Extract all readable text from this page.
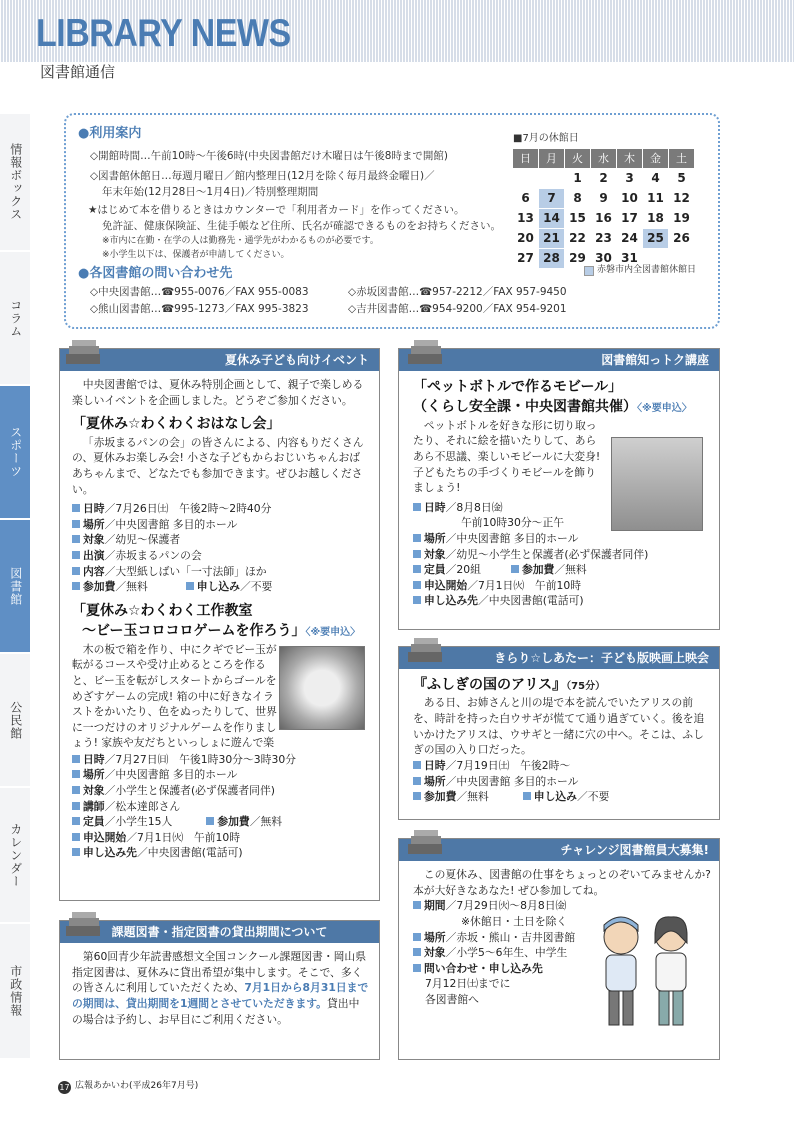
LIBRARY NEWS
図書館通信
情報ボックス
コラム
スポーツ
図書館
公民館
カレンダー
市政情報
●利用案内
◇開館時間…午前10時～午後6時(中央図書館だけ木曜日は午後8時まで開館)
◇図書館休館日…毎週月曜日／館内整理日(12月を除く毎月最終金曜日)／
年末年始(12月28日～1月4日)／特別整理期間
★はじめて本を借りるときはカウンターで「利用者カード」を作ってください。
免許証、健康保険証、生徒手帳など住所、氏名が確認できるものをお持ちください。
※市内に在勤・在学の人は勤務先・通学先がわかるものが必要です。
※小学生以下は、保護者が申請してください。
●各図書館の問い合わせ先
◇中央図書館…☎955-0076／FAX 955-0083	◇赤坂図書館…☎957-2212／FAX 957-9450
◇熊山図書館…☎995-1273／FAX 995-3823	◇吉井図書館…☎954-9200／FAX 954-9201
■7月の休館日
日	月	火	水	木	金	土
		1	2	3	4	5
6	7	8	9	10	11	12
13	14	15	16	17	18	19
20	21	22	23	24	25	26
27	28	29	30	31		
赤磐市内全図書館休館日
夏休み子ども向けイベント
中央図書館では、夏休み特別企画として、親子で楽しめる楽しいイベントを企画しました。どうぞご参加ください。
「夏休み☆わくわくおはなし会」
「赤坂まるパンの会」の皆さんによる、内容もりだくさんの、夏休みお楽しみ会! 小さな子どもからおじいちゃんおばあちゃんまで、どなたでも参加できます。ぜひお越しください。
日時／7月26日㈯　午後2時～2時40分
場所／中央図書館 多目的ホール
対象／幼児～保護者
出演／赤坂まるパンの会
内容／大型紙しばい「一寸法師」ほか
参加費／無料	申し込み／不要
「夏休み☆わくわく工作教室
～ビー玉コロコロゲームを作ろう」〈※要申込〉
木の板で箱を作り、中にクギでビー玉が転がるコースや受け止めるところを作ると、ビー玉を転がしスタートからゴールをめざすゲームの完成! 箱の中に好きなイラストをかいたり、色をぬったりして、世界に一つだけのオリジナルゲームを作りましょう! 家族や友だちといっしょに遊んで楽
日時／7月27日㈰　午後1時30分～3時30分
場所／中央図書館 多目的ホール
対象／小学生と保護者(必ず保護者同伴)
講師／松本達郎さん
定員／小学生15人	参加費／無料
申込開始／7月1日㈫　午前10時
申し込み先／中央図書館(電話可)
課題図書・指定図書の貸出期間について
第60回青少年読書感想文全国コンクール課題図書・岡山県指定図書は、夏休みに貸出希望が集中します。そこで、多くの皆さんに利用していただくため、7月1日から8月31日までの期間は、貸出期間を1週間とさせていただきます。貸出中の場合は予約し、お早目にご利用ください。
図書館知っトク講座
「ペットボトルで作るモビール」
（くらし安全課・中央図書館共催）〈※要申込〉
ペットボトルを好きな形に切り取ったり、それに絵を描いたりして、あらあら不思議、楽しいモビールに大変身! 子どもたちの手づくりモビールを飾りましょう!
日時／8月8日㈮
午前10時30分～正午
場所／中央図書館 多目的ホール
対象／幼児～小学生と保護者(必ず保護者同伴)
定員／20組	参加費／無料
申込開始／7月1日㈫　午前10時
申し込み先／中央図書館(電話可)
きらり☆しあたー：子ども版映画上映会
『ふしぎの国のアリス』（75分）
ある日、お姉さんと川の堤で本を読んでいたアリスの前を、時計を持った白ウサギが慌てて通り過ぎていく。後を追いかけたアリスは、ウサギと一緒に穴の中へ。そこは、ふしぎの国の入り口だった。
日時／7月19日㈯　午後2時～
場所／中央図書館 多目的ホール
参加費／無料	申し込み／不要
チャレンジ図書館員大募集!
この夏休み、図書館の仕事をちょっとのぞいてみませんか? 本が大好きなあなた! ぜひ参加してね。
期間／7月29日㈫～8月8日㈮
※休館日・土日を除く
場所／赤坂・熊山・吉井図書館
対象／小学5～6年生、中学生
問い合わせ・申し込み先
7月12日㈯までに
各図書館へ
17 広報あかいわ(平成26年7月号)
